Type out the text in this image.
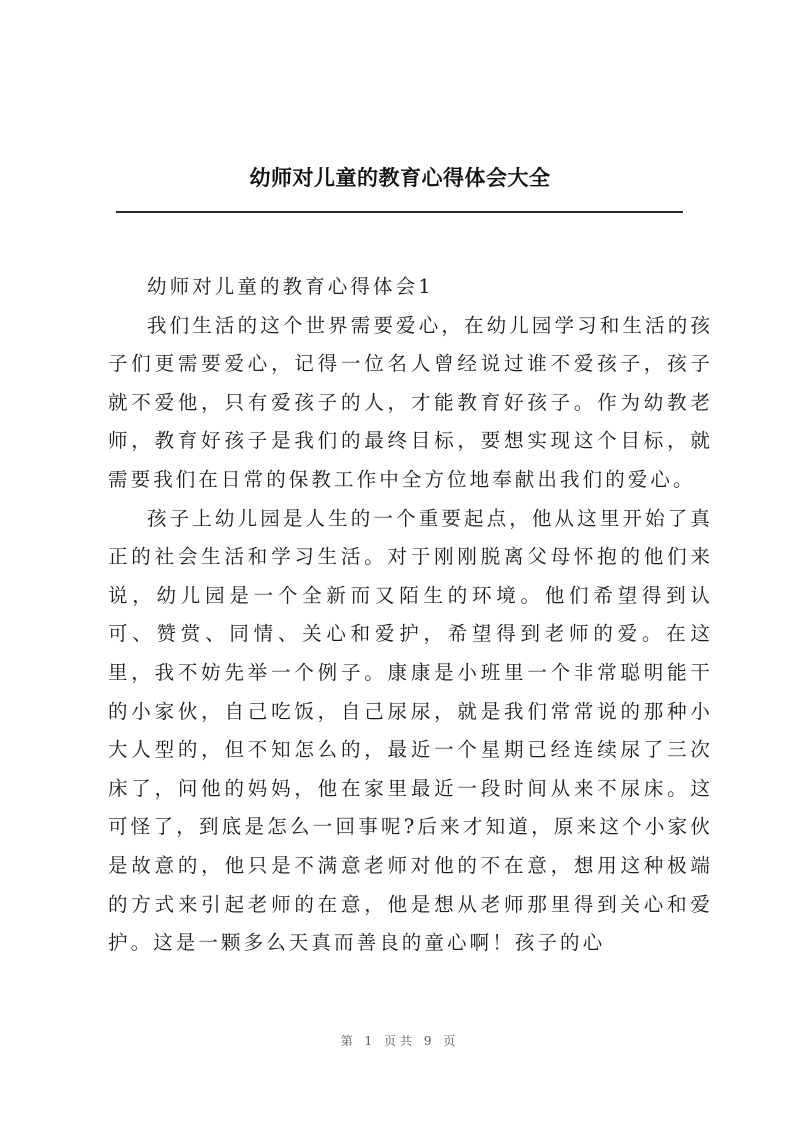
幼师对儿童的教育心得体会大全

幼师对儿童的教育心得体会1

我们生活的这个世界需要爱心，在幼儿园学习和生活的孩子们更需要爱心，记得一位名人曾经说过谁不爱孩子，孩子就不爱他，只有爱孩子的人，才能教育好孩子。作为幼教老师，教育好孩子是我们的最终目标，要想实现这个目标，就需要我们在日常的保教工作中全方位地奉献出我们的爱心。

孩子上幼儿园是人生的一个重要起点，他从这里开始了真正的社会生活和学习生活。对于刚刚脱离父母怀抱的他们来说，幼儿园是一个全新而又陌生的环境。他们希望得到认可、赞赏、同情、关心和爱护，希望得到老师的爱。在这里，我不妨先举一个例子。康康是小班里一个非常聪明能干的小家伙，自己吃饭，自己尿尿，就是我们常常说的那种小大人型的，但不知怎么的，最近一个星期已经连续尿了三次床了，问他的妈妈，他在家里最近一段时间从来不尿床。这可怪了，到底是怎么一回事呢?后来才知道，原来这个小家伙是故意的，他只是不满意老师对他的不在意，想用这种极端的方式来引起老师的在意，他是想从老师那里得到关心和爱护。这是一颗多么天真而善良的童心啊！孩子的心

第 1 页共 9 页
